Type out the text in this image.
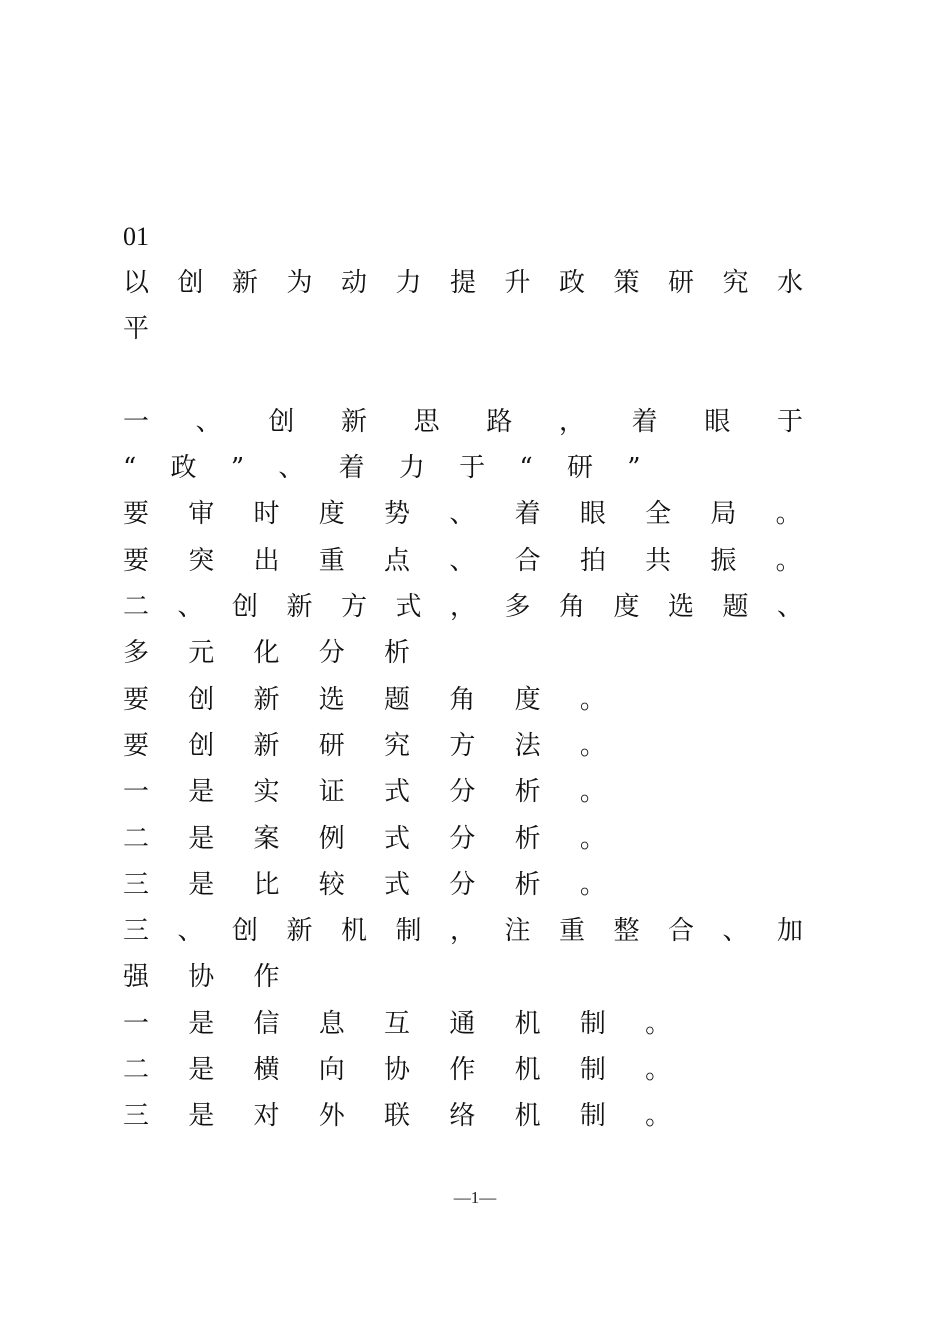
01
以 创 新 为 动 力 提 升 政 策 研 究 水
平
一 、 创 新 思 路 ， 着 眼 于
“ 政 ” 、 着 力 于 “ 研 ”
要 审 时 度 势 、 着 眼 全 局 。
要 突 出 重 点 、 合 拍 共 振 。
二 、 创 新 方 式 ， 多 角 度 选 题 、
多 元 化 分 析
要 创 新 选 题 角 度 。
要 创 新 研 究 方 法 。
一 是 实 证 式 分 析 。
二 是 案 例 式 分 析 。
三 是 比 较 式 分 析 。
三 、 创 新 机 制 ， 注 重 整 合 、 加
强 协 作
一 是 信 息 互 通 机 制 。
二 是 横 向 协 作 机 制 。
三 是 对 外 联 络 机 制 。
—1—
